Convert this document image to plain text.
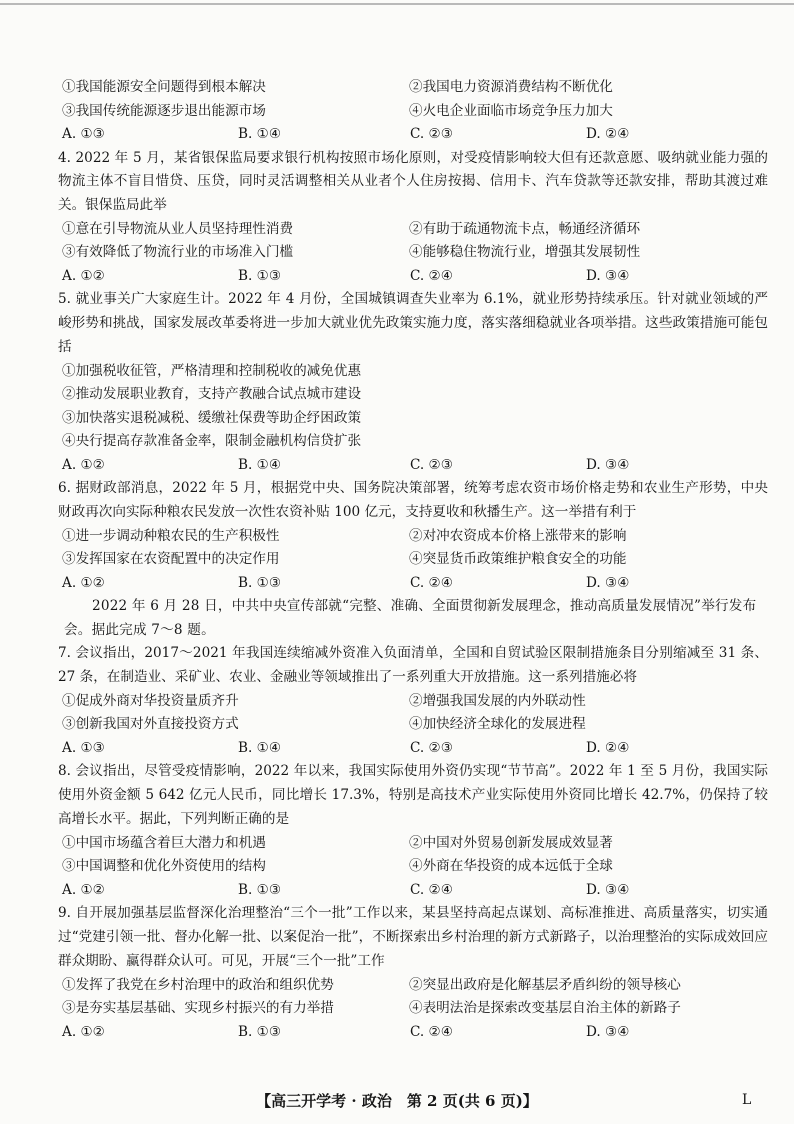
①我国能源安全问题得到根本解决	②我国电力资源消费结构不断优化
③我国传统能源逐步退出能源市场	④火电企业面临市场竞争压力加大
A. ①③	B. ①④	C. ②③	D. ②④
4. 2022 年 5 月，某省银保监局要求银行机构按照市场化原则，对受疫情影响较大但有还款意愿、吸纳就业能力强的物流主体不盲目惜贷、压贷，同时灵活调整相关从业者个人住房按揭、信用卡、汽车贷款等还款安排，帮助其渡过难关。银保监局此举
①意在引导物流从业人员坚持理性消费	②有助于疏通物流卡点，畅通经济循环
③有效降低了物流行业的市场准入门槛	④能够稳住物流行业，增强其发展韧性
A. ①②	B. ①③	C. ②④	D. ③④
5. 就业事关广大家庭生计。2022 年 4 月份，全国城镇调查失业率为 6.1%，就业形势持续承压。针对就业领域的严峻形势和挑战，国家发展改革委将进一步加大就业优先政策实施力度，落实落细稳就业各项举措。这些政策措施可能包括
①加强税收征管，严格清理和控制税收的减免优惠
②推动发展职业教育，支持产教融合试点城市建设
③加快落实退税减税、缓缴社保费等助企纾困政策
④央行提高存款准备金率，限制金融机构信贷扩张
A. ①②	B. ①④	C. ②③	D. ③④
6. 据财政部消息，2022 年 5 月，根据党中央、国务院决策部署，统筹考虑农资市场价格走势和农业生产形势，中央财政再次向实际种粮农民发放一次性农资补贴 100 亿元，支持夏收和秋播生产。这一举措有利于
①进一步调动种粮农民的生产积极性	②对冲农资成本价格上涨带来的影响
③发挥国家在农资配置中的决定作用	④突显货币政策维护粮食安全的功能
A. ①②	B. ①③	C. ②④	D. ③④
2022 年 6 月 28 日，中共中央宣传部就“完整、准确、全面贯彻新发展理念，推动高质量发展情况”举行发布会。据此完成 7～8 题。
7. 会议指出，2017～2021 年我国连续缩减外资准入负面清单，全国和自贸试验区限制措施条目分别缩减至 31 条、27 条，在制造业、采矿业、农业、金融业等领域推出了一系列重大开放措施。这一系列措施必将
①促成外商对华投资量质齐升	②增强我国发展的内外联动性
③创新我国对外直接投资方式	④加快经济全球化的发展进程
A. ①③	B. ①④	C. ②③	D. ②④
8. 会议指出，尽管受疫情影响，2022 年以来，我国实际使用外资仍实现“节节高”。2022 年 1 至 5 月份，我国实际使用外资金额 5 642 亿元人民币，同比增长 17.3%，特别是高技术产业实际使用外资同比增长 42.7%，仍保持了较高增长水平。据此，下列判断正确的是
①中国市场蕴含着巨大潜力和机遇	②中国对外贸易创新发展成效显著
③中国调整和优化外资使用的结构	④外商在华投资的成本远低于全球
A. ①②	B. ①③	C. ②④	D. ③④
9. 自开展加强基层监督深化治理整治“三个一批”工作以来，某县坚持高起点谋划、高标准推进、高质量落实，切实通过“党建引领一批、督办化解一批、以案促治一批”，不断探索出乡村治理的新方式新路子，以治理整治的实际成效回应群众期盼、赢得群众认可。可见，开展“三个一批”工作
①发挥了我党在乡村治理中的政治和组织优势	②突显出政府是化解基层矛盾纠纷的领导核心
③是夯实基层基础、实现乡村振兴的有力举措	④表明法治是探索改变基层自治主体的新路子
A. ①②	B. ①③	C. ②④	D. ③④
【高三开学考 · 政治　第 2 页(共 6 页)】	L
